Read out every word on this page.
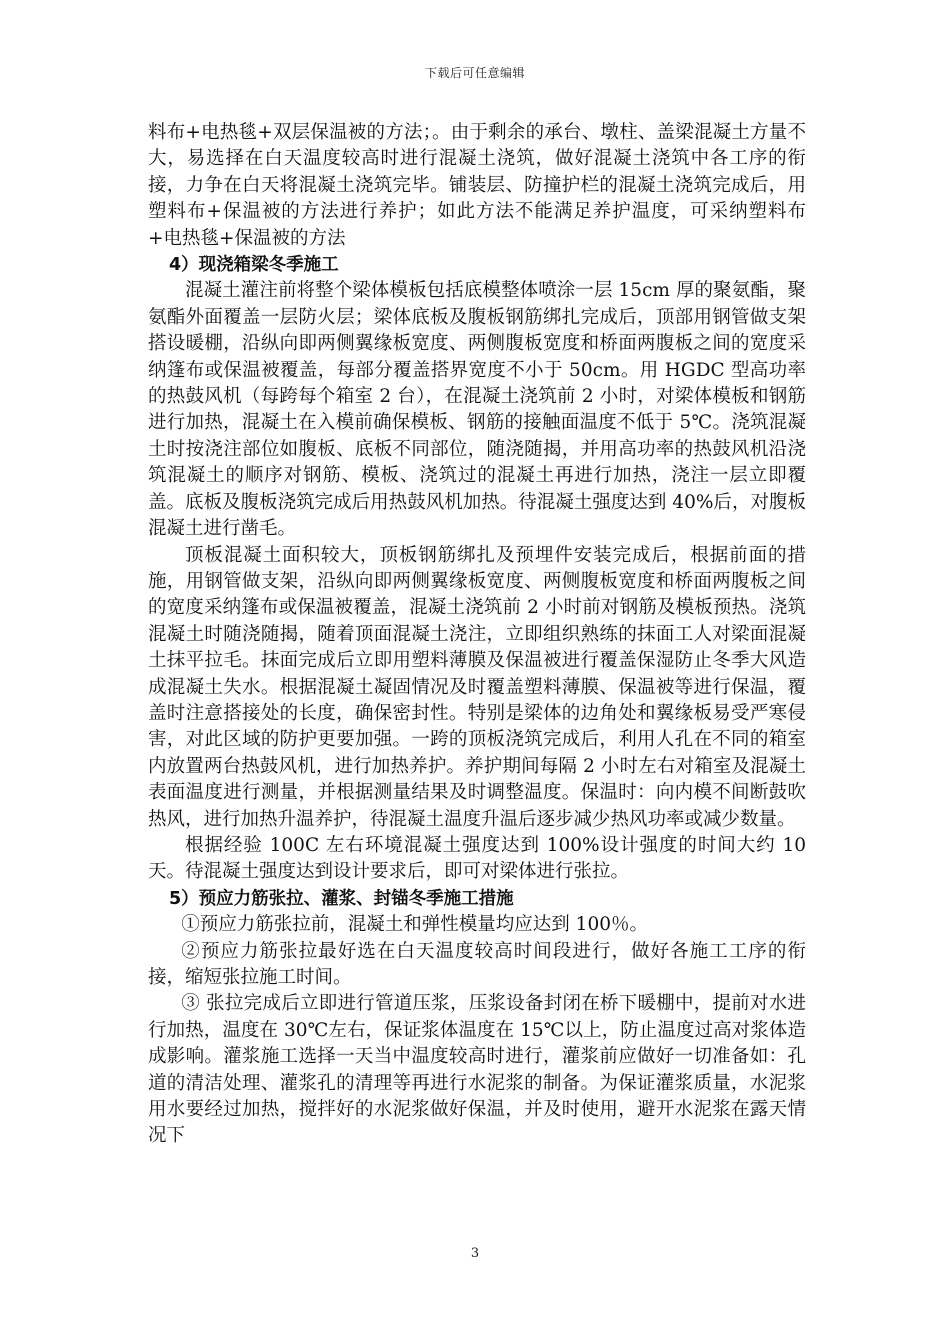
下载后可任意编辑

料布+电热毯+双层保温被的方法；。由于剩余的承台、墩柱、盖梁混凝土方量不大，易选择在白天温度较高时进行混凝土浇筑，做好混凝土浇筑中各工序的衔接，力争在白天将混凝土浇筑完毕。铺装层、防撞护栏的混凝土浇筑完成后，用塑料布+保温被的方法进行养护；如此方法不能满足养护温度，可采纳塑料布+电热毯+保温被的方法

4）现浇箱梁冬季施工

混凝土灌注前将整个梁体模板包括底模整体喷涂一层 15cm 厚的聚氨酯，聚氨酯外面覆盖一层防火层；梁体底板及腹板钢筋绑扎完成后，顶部用钢管做支架搭设暖棚，沿纵向即两侧翼缘板宽度、两侧腹板宽度和桥面两腹板之间的宽度采纳篷布或保温被覆盖，每部分覆盖搭界宽度不小于 50cm。用 HGDC 型高功率的热鼓风机（每跨每个箱室 2 台），在混凝土浇筑前 2 小时，对梁体模板和钢筋进行加热，混凝土在入模前确保模板、钢筋的接触面温度不低于 5℃。浇筑混凝土时按浇注部位如腹板、底板不同部位，随浇随揭，并用高功率的热鼓风机沿浇筑混凝土的顺序对钢筋、模板、浇筑过的混凝土再进行加热，浇注一层立即覆盖。底板及腹板浇筑完成后用热鼓风机加热。待混凝土强度达到 40%后，对腹板混凝土进行凿毛。

顶板混凝土面积较大，顶板钢筋绑扎及预埋件安装完成后，根据前面的措施，用钢管做支架，沿纵向即两侧翼缘板宽度、两侧腹板宽度和桥面两腹板之间的宽度采纳篷布或保温被覆盖，混凝土浇筑前 2 小时前对钢筋及模板预热。浇筑混凝土时随浇随揭，随着顶面混凝土浇注，立即组织熟练的抹面工人对梁面混凝土抹平拉毛。抹面完成后立即用塑料薄膜及保温被进行覆盖保湿防止冬季大风造成混凝土失水。根据混凝土凝固情况及时覆盖塑料薄膜、保温被等进行保温，覆盖时注意搭接处的长度，确保密封性。特别是梁体的边角处和翼缘板易受严寒侵害，对此区域的防护更要加强。一跨的顶板浇筑完成后，利用人孔在不同的箱室内放置两台热鼓风机，进行加热养护。养护期间每隔 2 小时左右对箱室及混凝土表面温度进行测量，并根据测量结果及时调整温度。保温时：向内模不间断鼓吹热风，进行加热升温养护，待混凝土温度升温后逐步减少热风功率或减少数量。

根据经验 100C 左右环境混凝土强度达到 100%设计强度的时间大约 10 天。待混凝土强度达到设计要求后，即可对梁体进行张拉。

5）预应力筋张拉、灌浆、封锚冬季施工措施

①预应力筋张拉前，混凝土和弹性模量均应达到 100％。

②预应力筋张拉最好选在白天温度较高时间段进行，做好各施工工序的衔接，缩短张拉施工时间。

③ 张拉完成后立即进行管道压浆，压浆设备封闭在桥下暖棚中，提前对水进行加热，温度在 30℃左右，保证浆体温度在 15℃以上，防止温度过高对浆体造成影响。灌浆施工选择一天当中温度较高时进行，灌浆前应做好一切准备如：孔道的清洁处理、灌浆孔的清理等再进行水泥浆的制备。为保证灌浆质量，水泥浆用水要经过加热，搅拌好的水泥浆做好保温，并及时使用，避开水泥浆在露天情况下

3
